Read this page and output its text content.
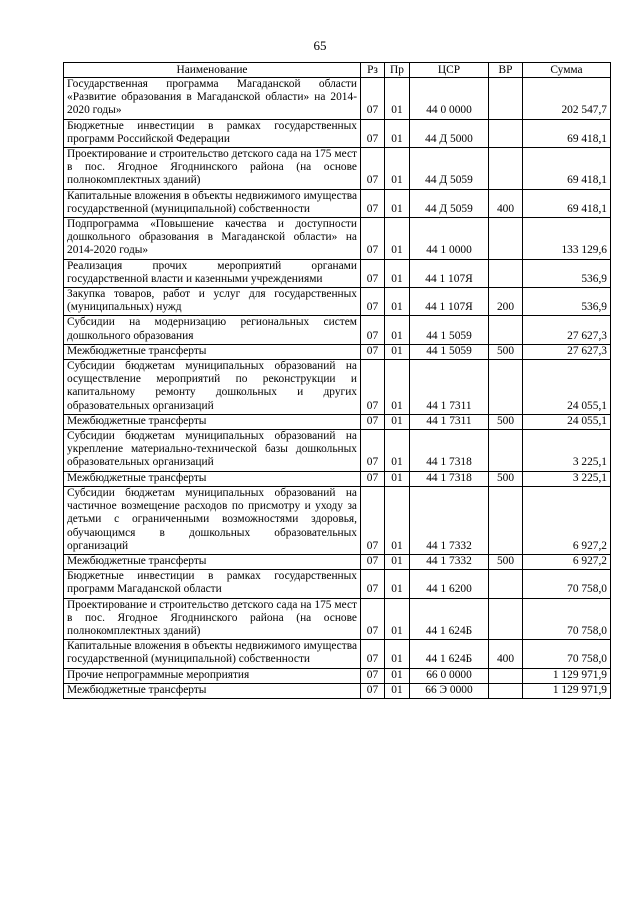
65
Наименование	Рз	Пр	ЦСР	ВР	Сумма
Государственная программа Магаданской области «Развитие образования в Магаданской области» на 2014-2020 годы»	07	01	44 0 0000		202 547,7
Бюджетные инвестиции в рамках государственных программ Российской Федерации	07	01	44 Д 5000		69 418,1
Проектирование и строительство детского сада на 175 мест в пос. Ягодное Ягоднинского района (на основе полнокомплектных зданий)	07	01	44 Д 5059		69 418,1
Капитальные вложения в объекты недвижимого имущества государственной (муниципальной) собственности	07	01	44 Д 5059	400	69 418,1
Подпрограмма «Повышение качества и доступности дошкольного образования в Магаданской области» на 2014-2020 годы»	07	01	44 1 0000		133 129,6
Реализация прочих мероприятий органами государственной власти и казенными учреждениями	07	01	44 1 107Я		536,9
Закупка товаров, работ и услуг для государственных (муниципальных) нужд	07	01	44 1 107Я	200	536,9
Субсидии на модернизацию региональных систем дошкольного образования	07	01	44 1 5059		27 627,3
Межбюджетные трансферты	07	01	44 1 5059	500	27 627,3
Субсидии бюджетам муниципальных образований на осуществление мероприятий по реконструкции и капитальному ремонту дошкольных и других образовательных организаций	07	01	44 1 7311		24 055,1
Межбюджетные трансферты	07	01	44 1 7311	500	24 055,1
Субсидии бюджетам муниципальных образований на укрепление материально-технической базы дошкольных образовательных организаций	07	01	44 1 7318		3 225,1
Межбюджетные трансферты	07	01	44 1 7318	500	3 225,1
Субсидии бюджетам муниципальных образований на частичное возмещение расходов по присмотру и уходу за детьми с ограниченными возможностями здоровья, обучающимся в дошкольных образовательных организаций	07	01	44 1 7332		6 927,2
Межбюджетные трансферты	07	01	44 1 7332	500	6 927,2
Бюджетные инвестиции в рамках государственных программ Магаданской области	07	01	44 1 6200		70 758,0
Проектирование и строительство детского сада на 175 мест в пос. Ягодное Ягоднинского района (на основе полнокомплектных зданий)	07	01	44 1 624Б		70 758,0
Капитальные вложения в объекты недвижимого имущества государственной (муниципальной) собственности	07	01	44 1 624Б	400	70 758,0
Прочие непрограммные мероприятия	07	01	66 0 0000		1 129 971,9
Межбюджетные трансферты	07	01	66 Э 0000		1 129 971,9
